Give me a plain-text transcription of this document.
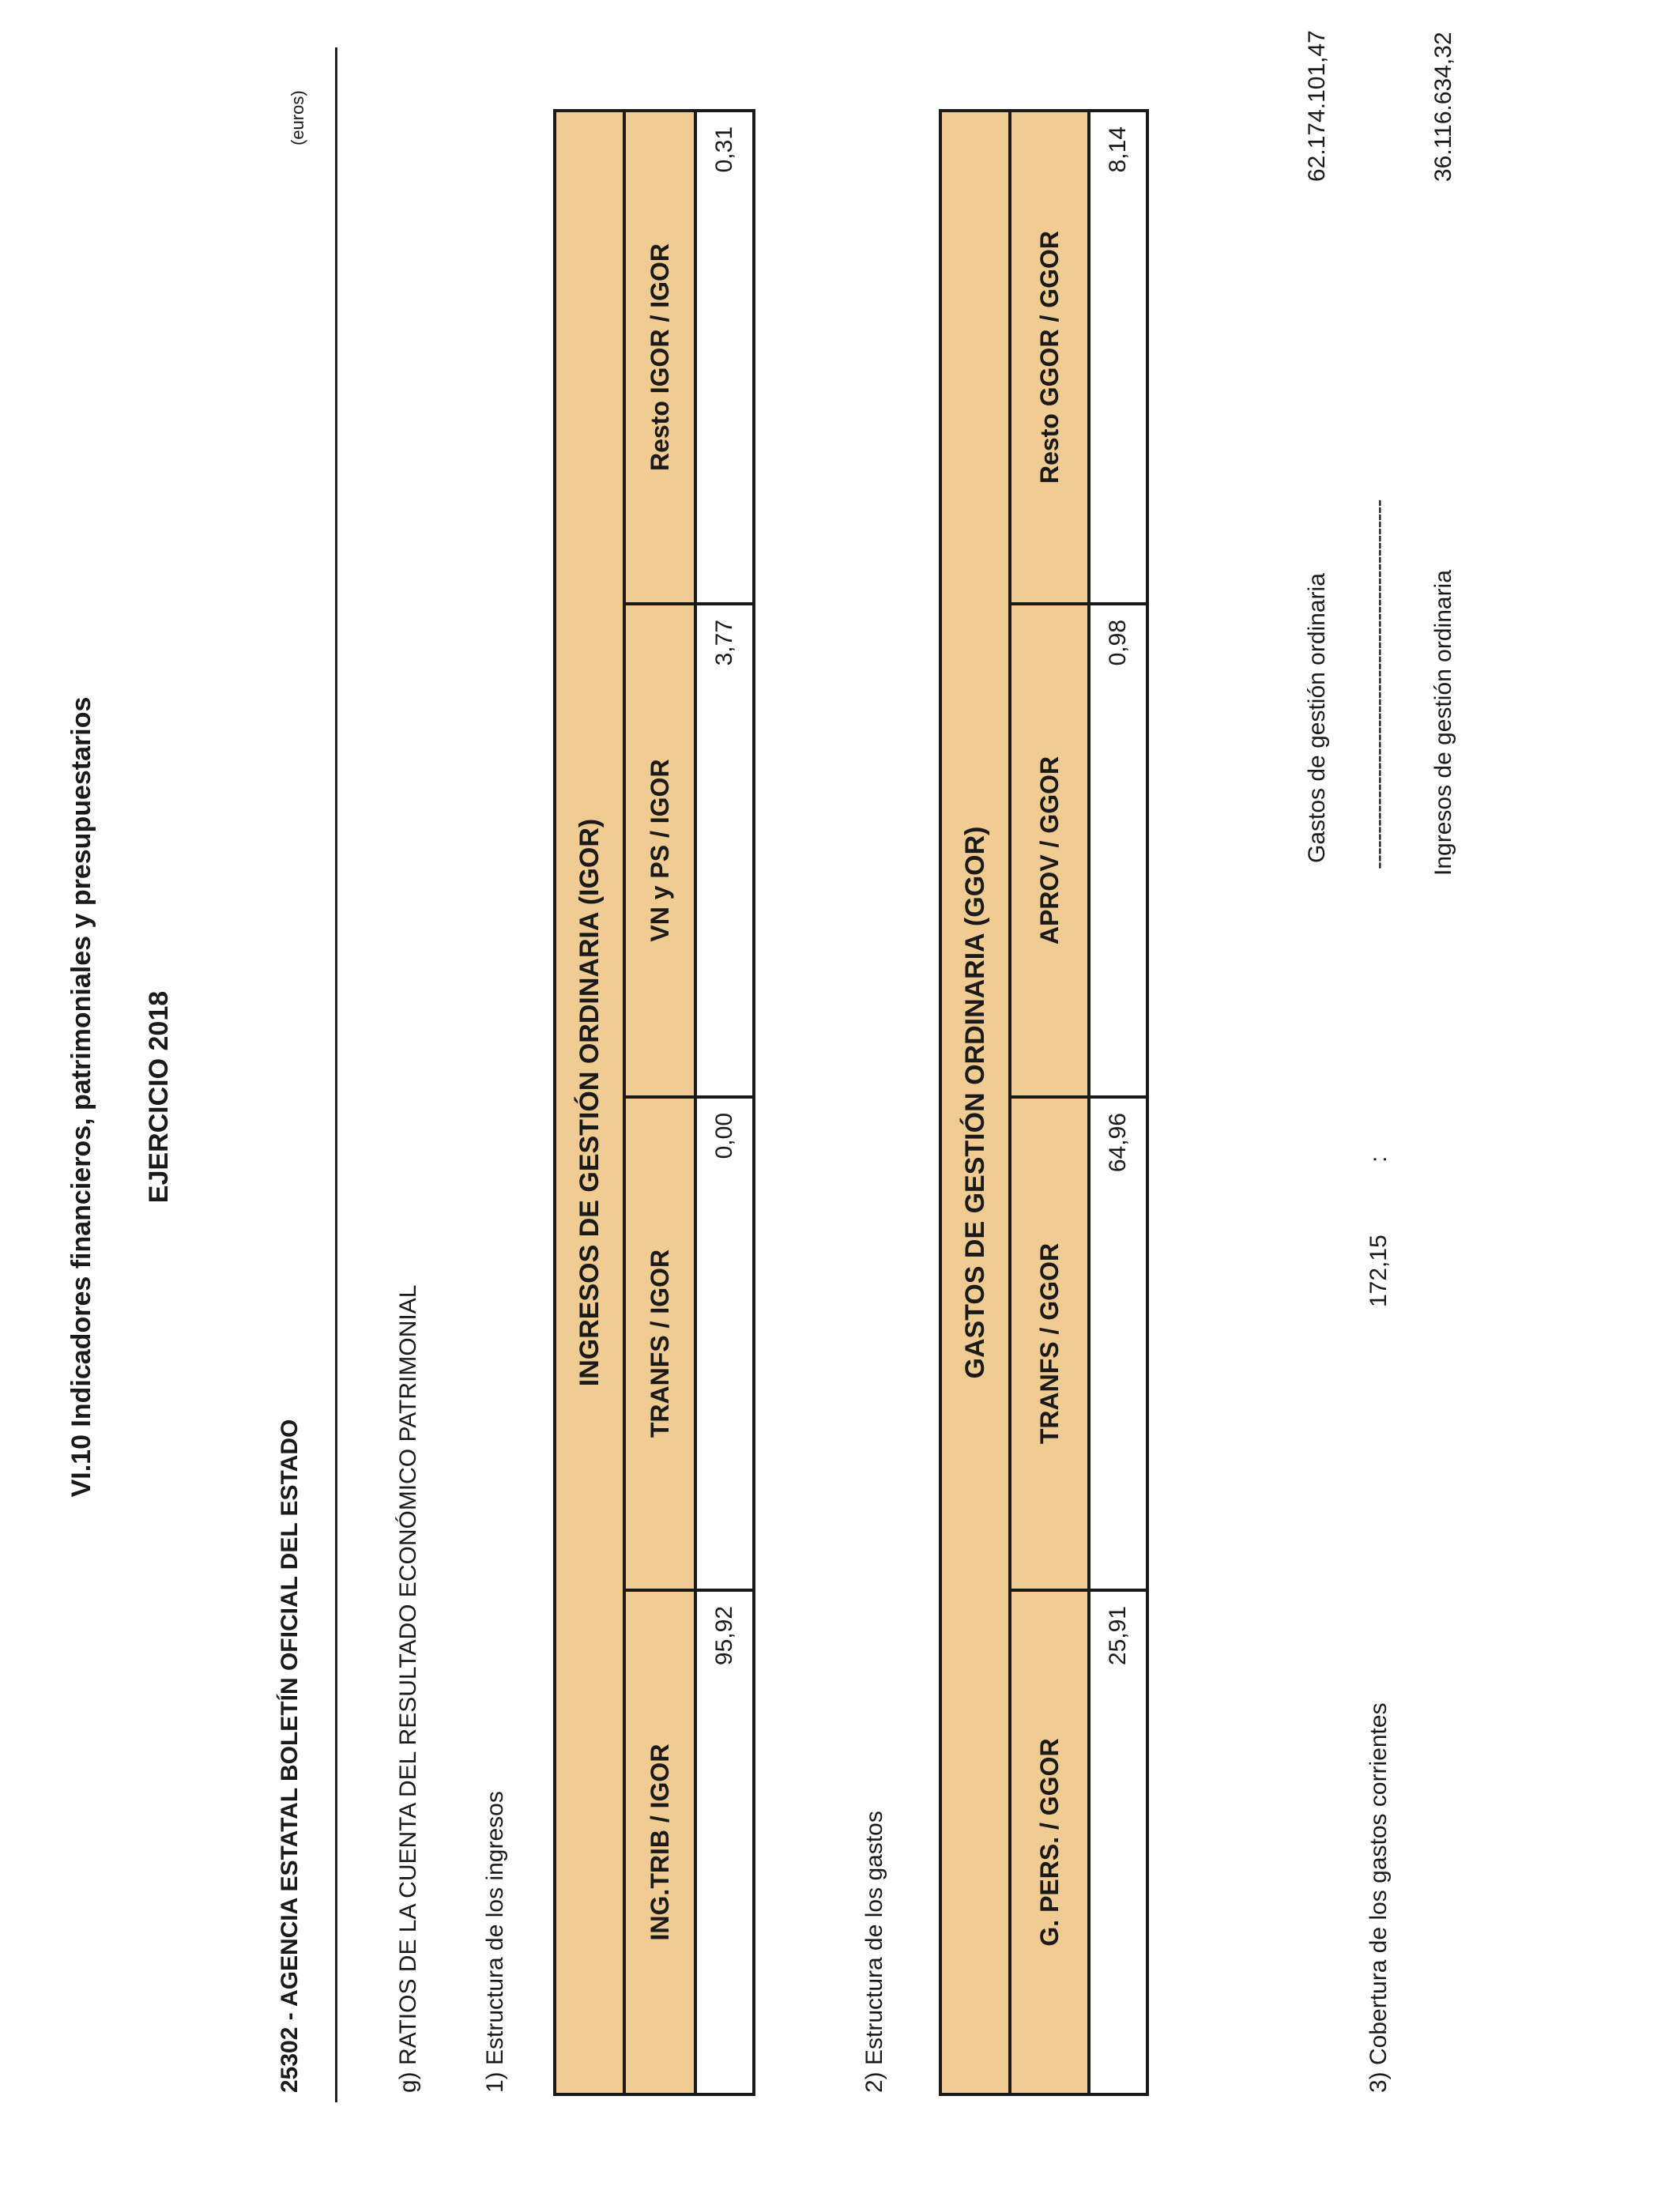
VI.10 Indicadores financieros, patrimoniales y presupuestarios EJERCICIO 2018
25302 - AGENCIA ESTATAL BOLETÍN OFICIAL DEL ESTADO
(euros)
g) RATIOS DE LA CUENTA DEL RESULTADO ECONÓMICO PATRIMONIAL	1) Estructura de los ingresos
INGRESOS DE GESTIÓN ORDINARIA (IGOR)			
ING.TRIB / IGOR	TRANFS / IGOR	VN y PS / IGOR	Resto IGOR / IGOR
95,92	0,00	3,77	0,31
2) Estructura de los gastos
GASTOS DE GESTIÓN ORDINARIA (GGOR)			
G. PERS. / GGOR	TRANFS / GGOR	APROV / GGOR	Resto GGOR / GGOR
25,91	64,96	0,98	8,14
3) Cobertura de los gastos corrientes
172,15
:
----------------------------------------------------
Gastos de gestión ordinaria
62.174.101,47
Ingresos de gestión ordinaria
36.116.634,32
